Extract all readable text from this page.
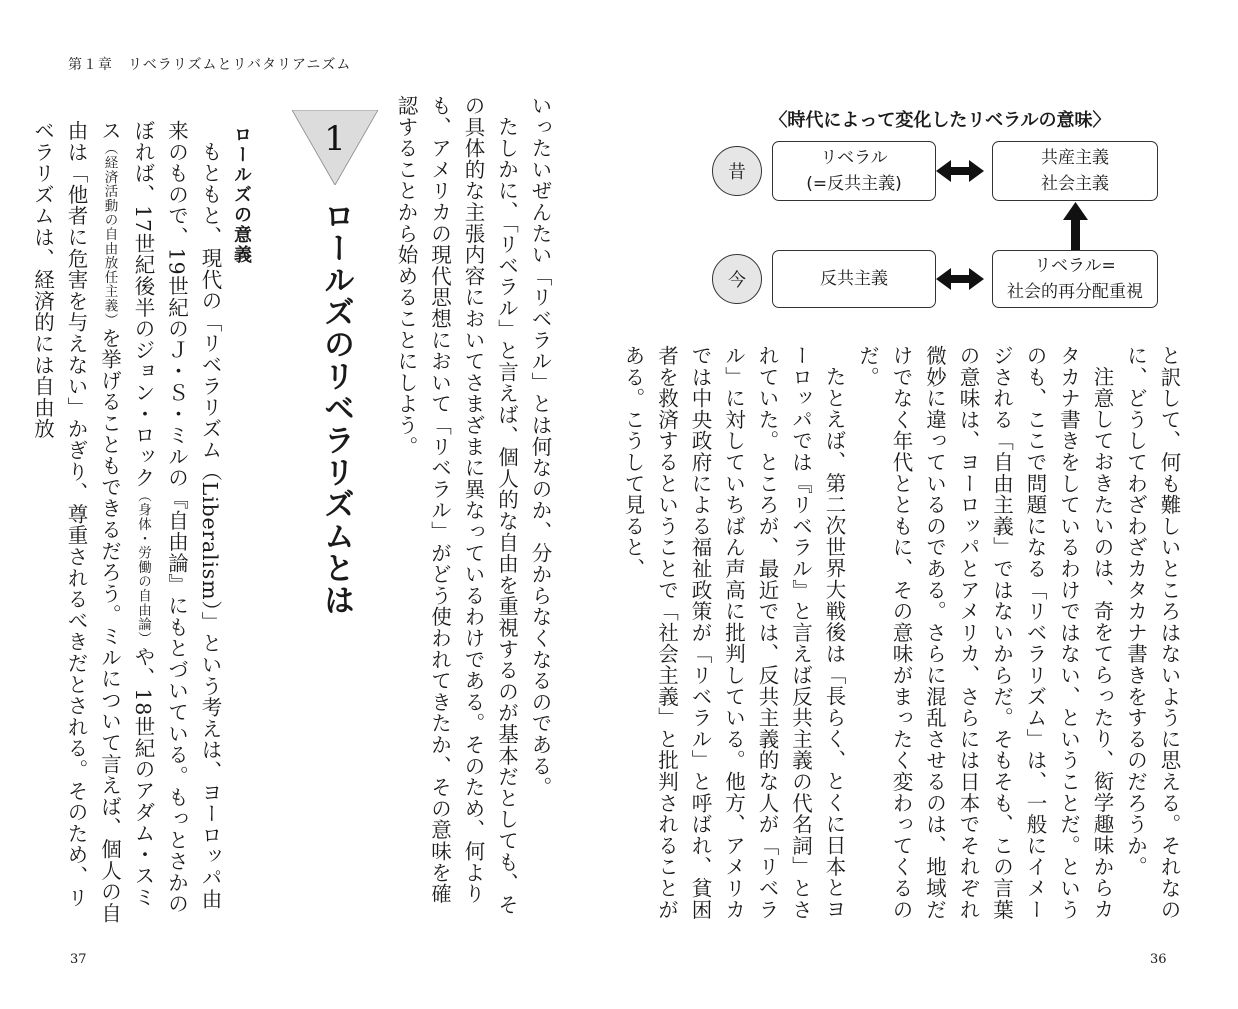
第１章　リベラリズムとリバタリアニズム

いったいぜんたい「リベラル」とは何なのか、分からなくなるのである。

たしかに、「リベラル」と言えば、個人的な自由を重視するのが基本だとしても、その具体的な主張内容においてさまざまに異なっているわけである。そのため、何よりも、アメリカの現代思想において「リベラル」がどう使われてきたか、その意味を確認することから始めることにしよう。

1
ロールズのリベラリズムとは
ロールズの意義

もともと、現代の「リベラリズム（Liberalism）」という考えは、ヨーロッパ由来のもので、19世紀のＪ・Ｓ・ミルの『自由論』にもとづいている。もっとさかのぼれば、17世紀後半のジョン・ロック（身体・労働の自由論）や、18世紀のアダム・スミス（経済活動の自由放任主義）を挙げることもできるだろう。ミルについて言えば、個人の自由は「他者に危害を与えない」かぎり、尊重されるべきだとされる。そのため、リベラリズムは、経済的には自由放

37
〈時代によって変化したリベラルの意味〉
昔
今
リベラル
(=反共主義)
共産主義
社会主義
反共主義
リベラル=
社会的再分配重視

と訳して、何も難しいところはないように思える。それなのに、どうしてわざわざカタカナ書きをするのだろうか。

注意しておきたいのは、奇をてらったり、衒学趣味からカタカナ書きをしているわけではない、ということだ。というのも、ここで問題になる「リベラリズム」は、一般にイメージされる「自由主義」ではないからだ。そもそも、この言葉の意味は、ヨーロッパとアメリカ、さらには日本でそれぞれ微妙に違っているのである。さらに混乱させるのは、地域だけでなく年代とともに、その意味がまったく変わってくるのだ。

たとえば、第二次世界大戦後は「長らく、とくに日本とヨーロッパでは『リベラル』と言えば反共主義の代名詞」とされていた。ところが、最近では、反共主義的な人が「リベラル」に対していちばん声高に批判している。他方、アメリカでは中央政府による福祉政策が「リベラル」と呼ばれ、貧困者を救済するということで「社会主義」と批判されることがある。こうして見ると、

36
